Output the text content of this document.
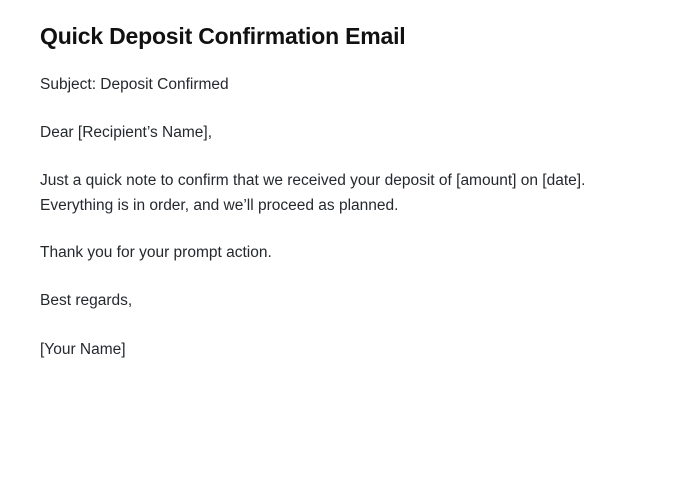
Quick Deposit Confirmation Email

Subject: Deposit Confirmed

Dear [Recipient’s Name],

Just a quick note to confirm that we received your deposit of [amount] on [date]. Everything is in order, and we’ll proceed as planned.

Thank you for your prompt action.

Best regards,

[Your Name]
